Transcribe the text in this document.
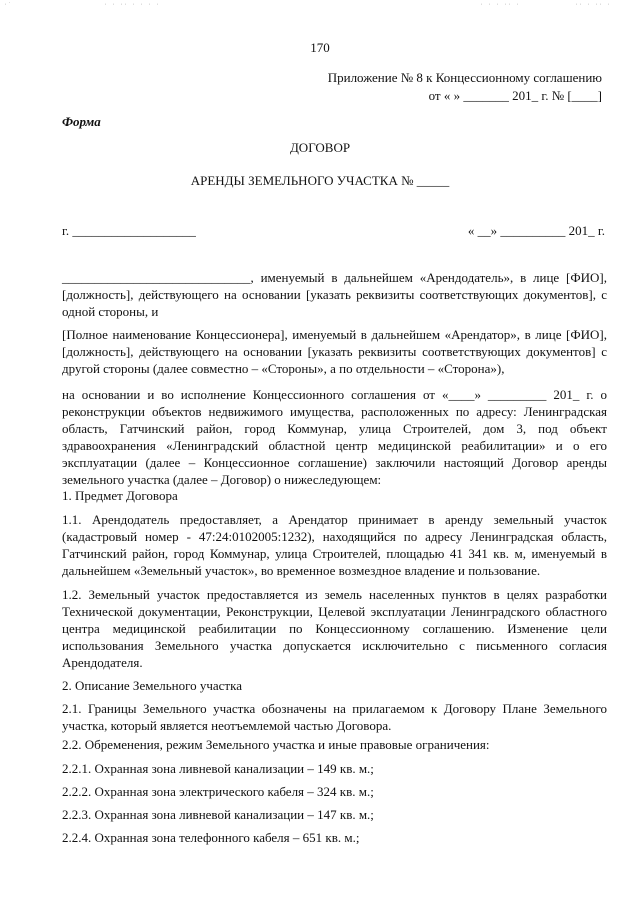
·˙	· · ·· · · · ·	· · · ·· ·	·· · ·· ·
170
Приложение № 8 к Концессионному соглашению
от « » _______ 201_ г. № [____]
Форма
ДОГОВОР
АРЕНДЫ ЗЕМЕЛЬНОГО УЧАСТКА № _____
г. ___________________	« __» __________ 201_ г.
_____________________________, именуемый в дальнейшем «Арендодатель», в лице [ФИО], [должность], действующего на основании [указать реквизиты соответствующих документов], с одной стороны, и
[Полное наименование Концессионера], именуемый в дальнейшем «Арендатор», в лице [ФИО], [должность], действующего на основании [указать реквизиты соответствующих документов] с другой стороны (далее совместно – «Стороны», а по отдельности – «Сторона»),
на основании и во исполнение Концессионного соглашения от «____» _________ 201_ г. о реконструкции объектов недвижимого имущества, расположенных по адресу: Ленинградская область, Гатчинский район, город Коммунар, улица Строителей, дом 3, под объект здравоохранения «Ленинградский областной центр медицинской реабилитации» и о его эксплуатации (далее – Концессионное соглашение) заключили настоящий Договор аренды земельного участка (далее – Договор) о нижеследующем:
1. Предмет Договора
1.1. Арендодатель предоставляет, а Арендатор принимает в аренду земельный участок (кадастровый номер - 47:24:0102005:1232), находящийся по адресу Ленинградская область, Гатчинский район, город Коммунар, улица Строителей, площадью 41 341 кв. м, именуемый в дальнейшем «Земельный участок», во временное возмездное владение и пользование.
1.2. Земельный участок предоставляется из земель населенных пунктов в целях разработки Технической документации, Реконструкции, Целевой эксплуатации Ленинградского областного центра медицинской реабилитации по Концессионному соглашению. Изменение цели использования Земельного участка допускается исключительно с письменного согласия Арендодателя.
2. Описание Земельного участка
2.1. Границы Земельного участка обозначены на прилагаемом к Договору Плане Земельного участка, который является неотъемлемой частью Договора.
2.2. Обременения, режим Земельного участка и иные правовые ограничения:
2.2.1. Охранная зона ливневой канализации – 149 кв. м.;
2.2.2. Охранная зона электрического кабеля – 324 кв. м.;
2.2.3. Охранная зона ливневой канализации – 147 кв. м.;
2.2.4. Охранная зона телефонного кабеля – 651 кв. м.;
